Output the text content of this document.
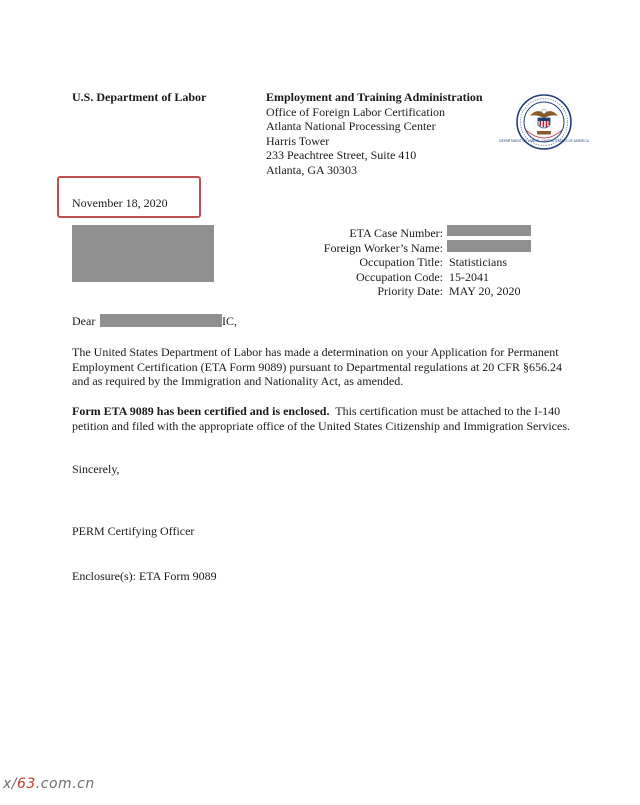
U.S. Department of Labor	Employment and Training Administration
Office of Foreign Labor Certification
Atlanta National Processing Center
Harris Tower
233 Peachtree Street, Suite 410
Atlanta, GA 30303
DEPARTMENT OF LABOR · UNITED STATES OF AMERICA
November 18, 2020
ETA Case Number:
Foreign Worker’s Name:
Occupation Title:
Occupation Code:
Priority Date:
Statisticians
15-2041
MAY 20, 2020
Dear	IC,
The United States Department of Labor has made a determination on your Application for Permanent Employment Certification (ETA Form 9089) pursuant to Departmental regulations at 20 CFR §656.24 and as required by the Immigration and Nationality Act, as amended.
Form ETA 9089 has been certified and is enclosed. This certification must be attached to the I-140 petition and filed with the appropriate office of the United States Citizenship and Immigration Services.
Sincerely,
PERM Certifying Officer
Enclosure(s): ETA Form 9089
x/63.com.cn
